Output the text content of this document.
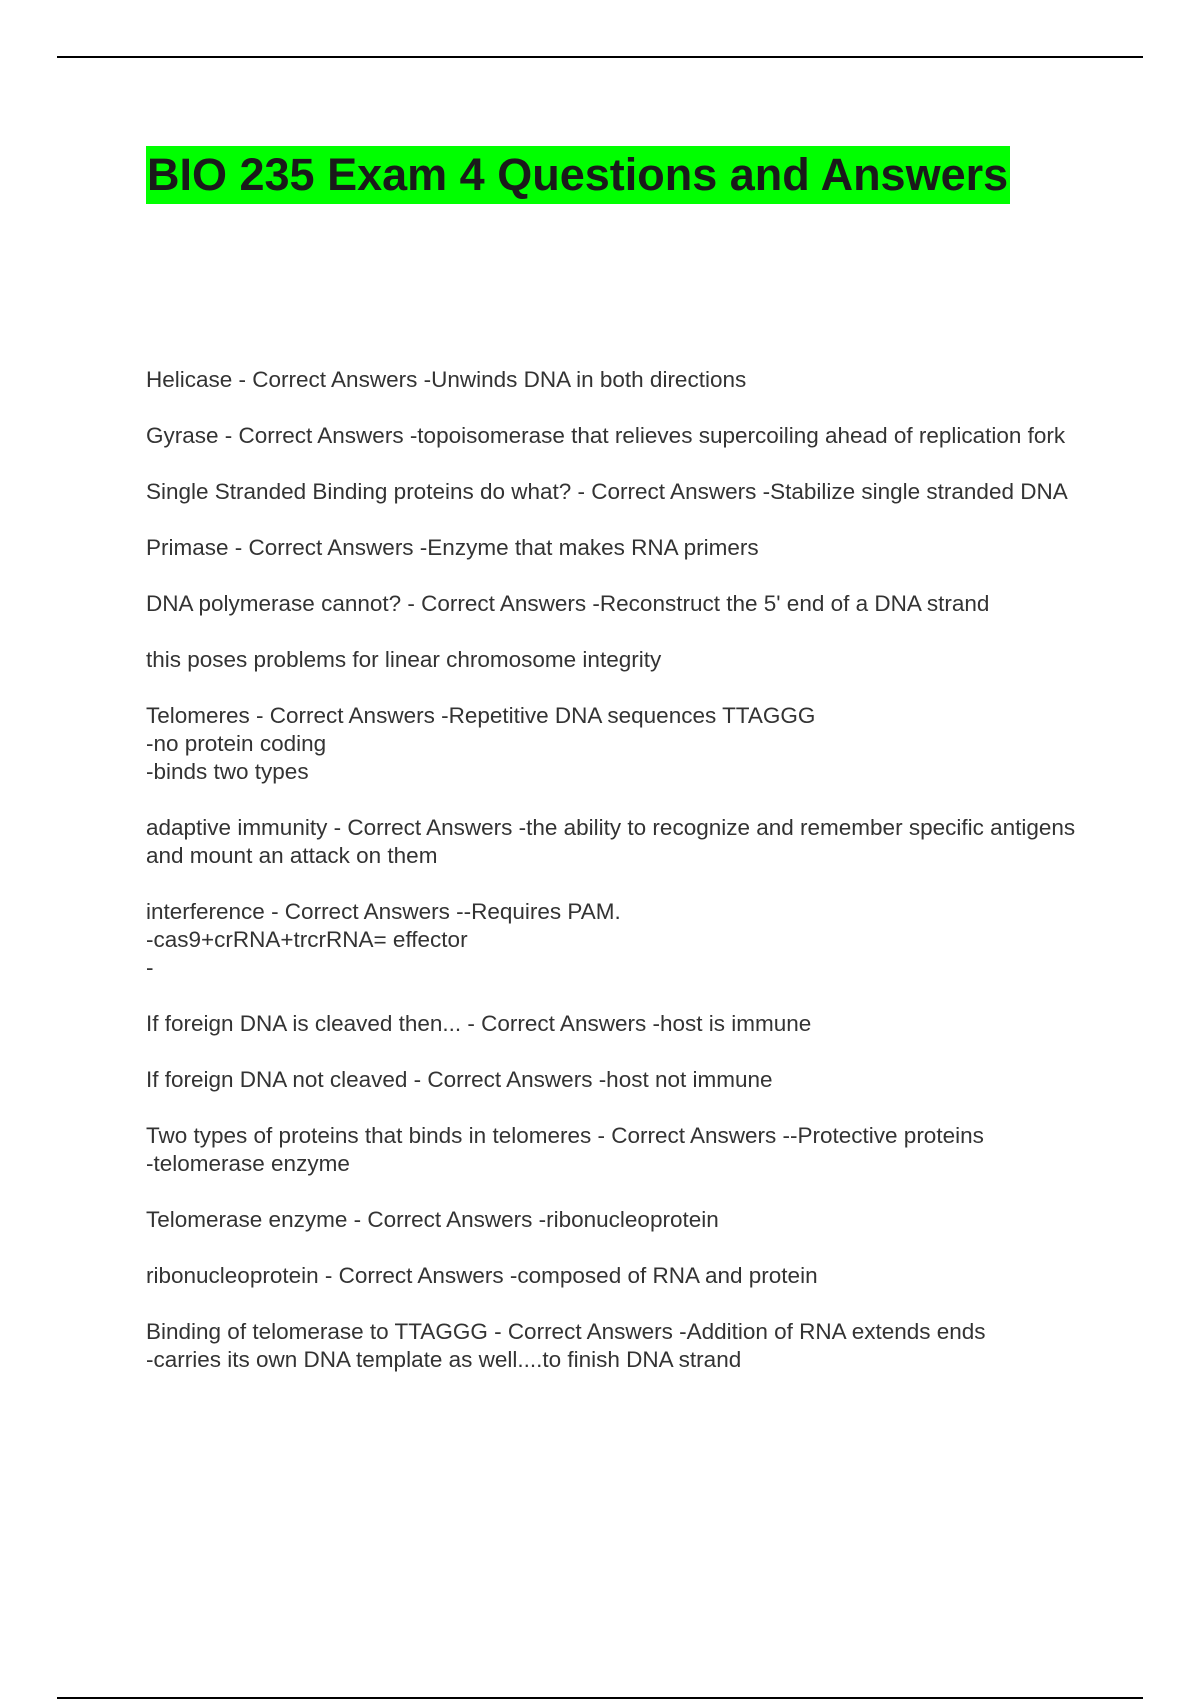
BIO 235 Exam 4 Questions and Answers
Helicase - Correct Answers -Unwinds DNA in both directions
Gyrase - Correct Answers -topoisomerase that relieves supercoiling ahead of replication fork
Single Stranded Binding proteins do what? - Correct Answers -Stabilize single stranded DNA
Primase - Correct Answers -Enzyme that makes RNA primers
DNA polymerase cannot? - Correct Answers -Reconstruct the 5' end of a DNA strand
this poses problems for linear chromosome integrity
Telomeres - Correct Answers -Repetitive DNA sequences TTAGGG
-no protein coding
-binds two types
adaptive immunity - Correct Answers -the ability to recognize and remember specific antigens and mount an attack on them
interference - Correct Answers --Requires PAM.
-cas9+crRNA+trcrRNA= effector
-
If foreign DNA is cleaved then... - Correct Answers -host is immune
If foreign DNA not cleaved - Correct Answers -host not immune
Two types of proteins that binds in telomeres - Correct Answers --Protective proteins
-telomerase enzyme
Telomerase enzyme - Correct Answers -ribonucleoprotein
ribonucleoprotein - Correct Answers -composed of RNA and protein
Binding of telomerase to TTAGGG - Correct Answers -Addition of RNA extends ends
-carries its own DNA template as well....to finish DNA strand
